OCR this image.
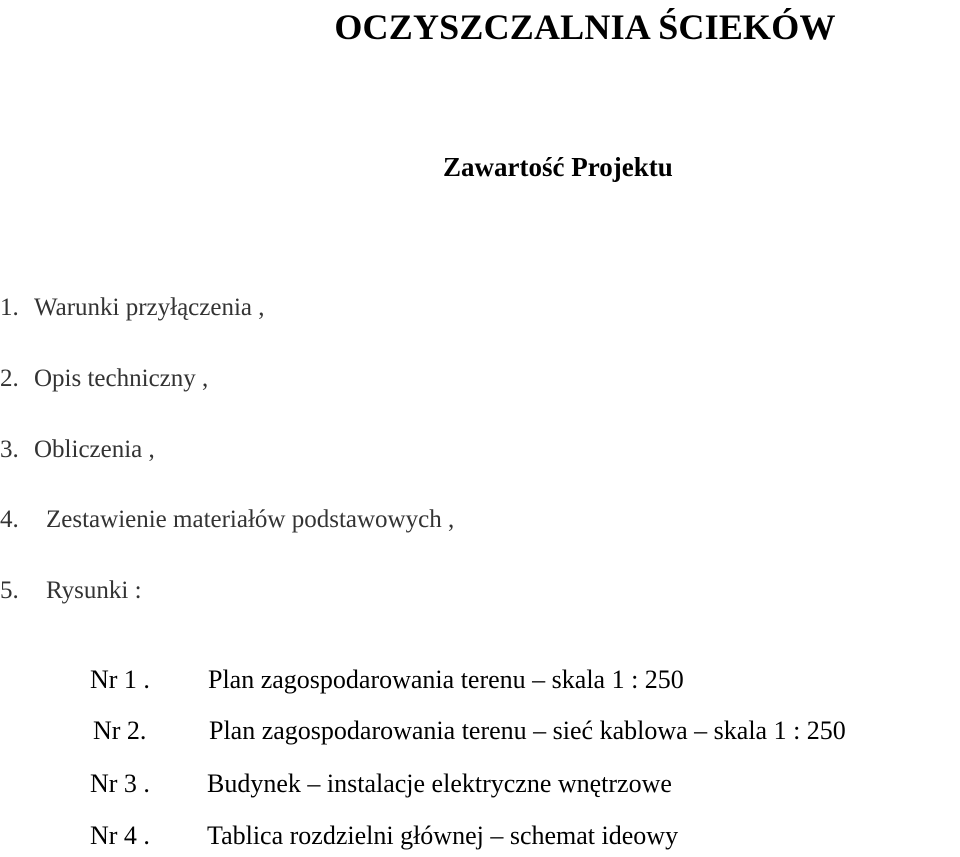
OCZYSZCZALNIA ŚCIEKÓW
Zawartość Projektu
1. Warunki przyłączenia ,
2. Opis techniczny ,
3. Obliczenia ,
4. Zestawienie materiałów podstawowych ,
5. Rysunki :
Nr 1 . Plan zagospodarowania terenu – skala 1 : 250
Nr 2. Plan zagospodarowania terenu – sieć kablowa – skala 1 : 250
Nr 3 . Budynek – instalacje elektryczne wnętrzowe
Nr 4 . Tablica rozdzielni głównej – schemat ideowy
